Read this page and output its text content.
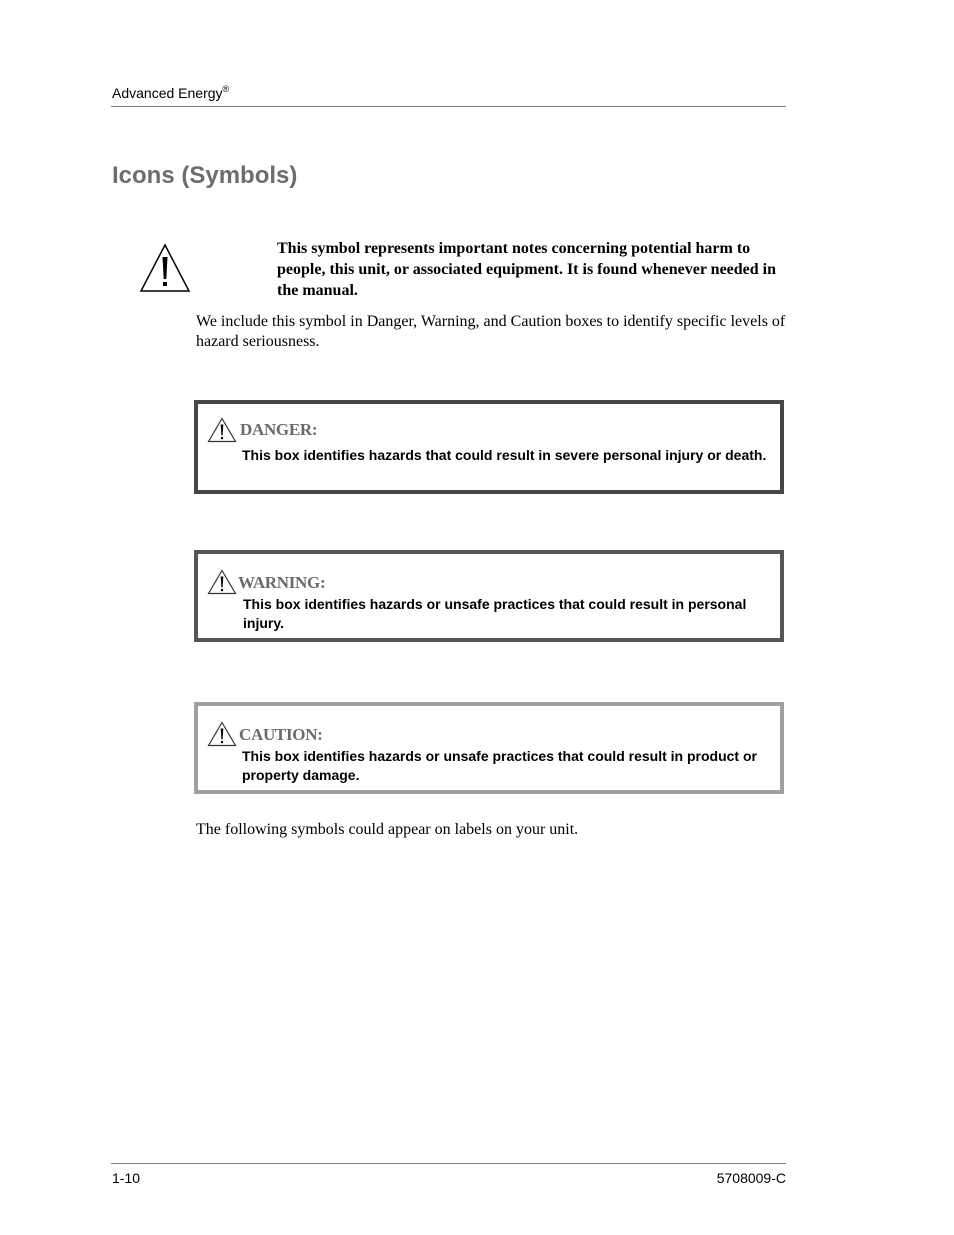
Advanced Energy®
Icons (Symbols)
This symbol represents important notes concerning potential harm to people, this unit, or associated equipment. It is found whenever needed in the manual.
We include this symbol in Danger, Warning, and Caution boxes to identify specific levels of hazard seriousness.
DANGER:
This box identifies hazards that could result in severe personal injury or death.
WARNING:
This box identifies hazards or unsafe practices that could result in personal injury.
CAUTION:
This box identifies hazards or unsafe practices that could result in product or property damage.
The following symbols could appear on labels on your unit.
1-10	5708009-C
